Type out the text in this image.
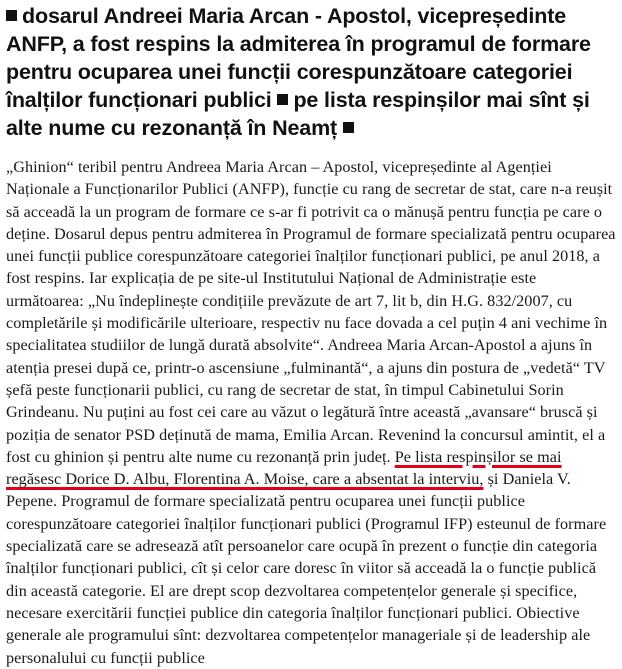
dosarul Andreei Maria Arcan - Apostol, vicepreședinte ANFP, a fost respins la admiterea în programul de formare pentru ocuparea unei funcții corespunzătoare categoriei înalților funcționari publici pe lista respinșilor mai sînt și alte nume cu rezonanță în Neamț

„Ghinion“ teribil pentru Andreea Maria Arcan – Apostol, vicepreședinte al Agenției Naționale a Funcționarilor Publici (ANFP), funcție cu rang de secretar de stat, care n-a reușit să acceadă la un program de formare ce s-ar fi potrivit ca o mănușă pentru funcția pe care o deține. Dosarul depus pentru admiterea în Programul de formare specializată pentru ocuparea unei funcții publice corespunzătoare categoriei înalților funcționari publici, pe anul 2018, a fost respins. Iar explicația de pe site-ul Institutului Național de Administrație este următoarea: „Nu îndeplinește condițiile prevăzute de art 7, lit b, din H.G. 832/2007, cu completările și modificările ulterioare, respectiv nu face dovada a cel puțin 4 ani vechime în specialitatea studiilor de lungă durată absolvite“. Andreea Maria Arcan-Apostol a ajuns în atenția presei după ce, printr-o ascensiune „fulminantă“, a ajuns din postura de „vedetă“ TV șefă peste funcționarii publici, cu rang de secretar de stat, în timpul Cabinetului Sorin Grindeanu. Nu puțini au fost cei care au văzut o legătură între această „avansare“ bruscă și poziția de senator PSD deținută de mama, Emilia Arcan. Revenind la concursul amintit, el a fost cu ghinion și pentru alte nume cu rezonanță prin județ. Pe lista respinșilor se mai regăsesc Dorice D. Albu, Florentina A. Moise, care a absentat la interviu, și Daniela V. Pepene. Programul de formare specializată pentru ocuparea unei funcții publice corespunzătoare categoriei înalților funcționari publici (Programul IFP) esteunul de formare specializată care se adresează atît persoanelor care ocupă în prezent o funcție din categoria înalților funcționari publici, cît și celor care doresc în viitor să acceadă la o funcție publică din această categorie. El are drept scop dezvoltarea competențelor generale și specifice, necesare exercitării funcției publice din categoria înalților funcționari publici. Obiective generale ale programului sînt: dezvoltarea competențelor manageriale și de leadership ale personalului cu funcții publice
